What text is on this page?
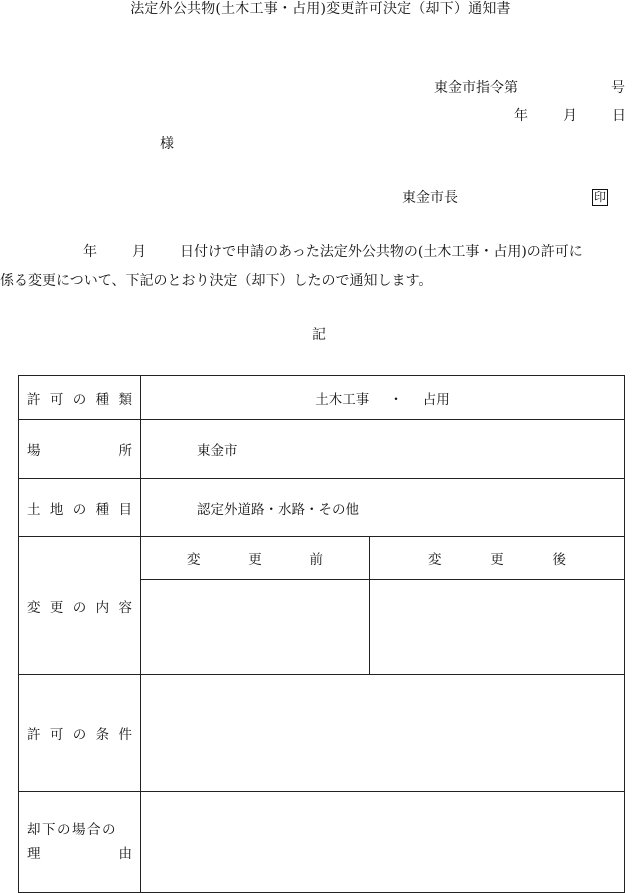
法定外公共物(土木工事・占用)変更許可決定（却下）通知書
東金市指令第	号
年	月	日
様
東金市長	印
年	月 日付けで申請のあった法定外公共物の(土木工事・占用)の許可に
係る変更について、下記のとおり決定（却下）したので通知します。
記
許 可 の 種 類	土木工事 ・ 占用	

場 所	東金市	

土 地 の 種 目	認定外道路・水路・その他	

変 更 の 内 容	変 更 前	変 更 後

許 可 の 条 件		

却下の場合の
理 由		
